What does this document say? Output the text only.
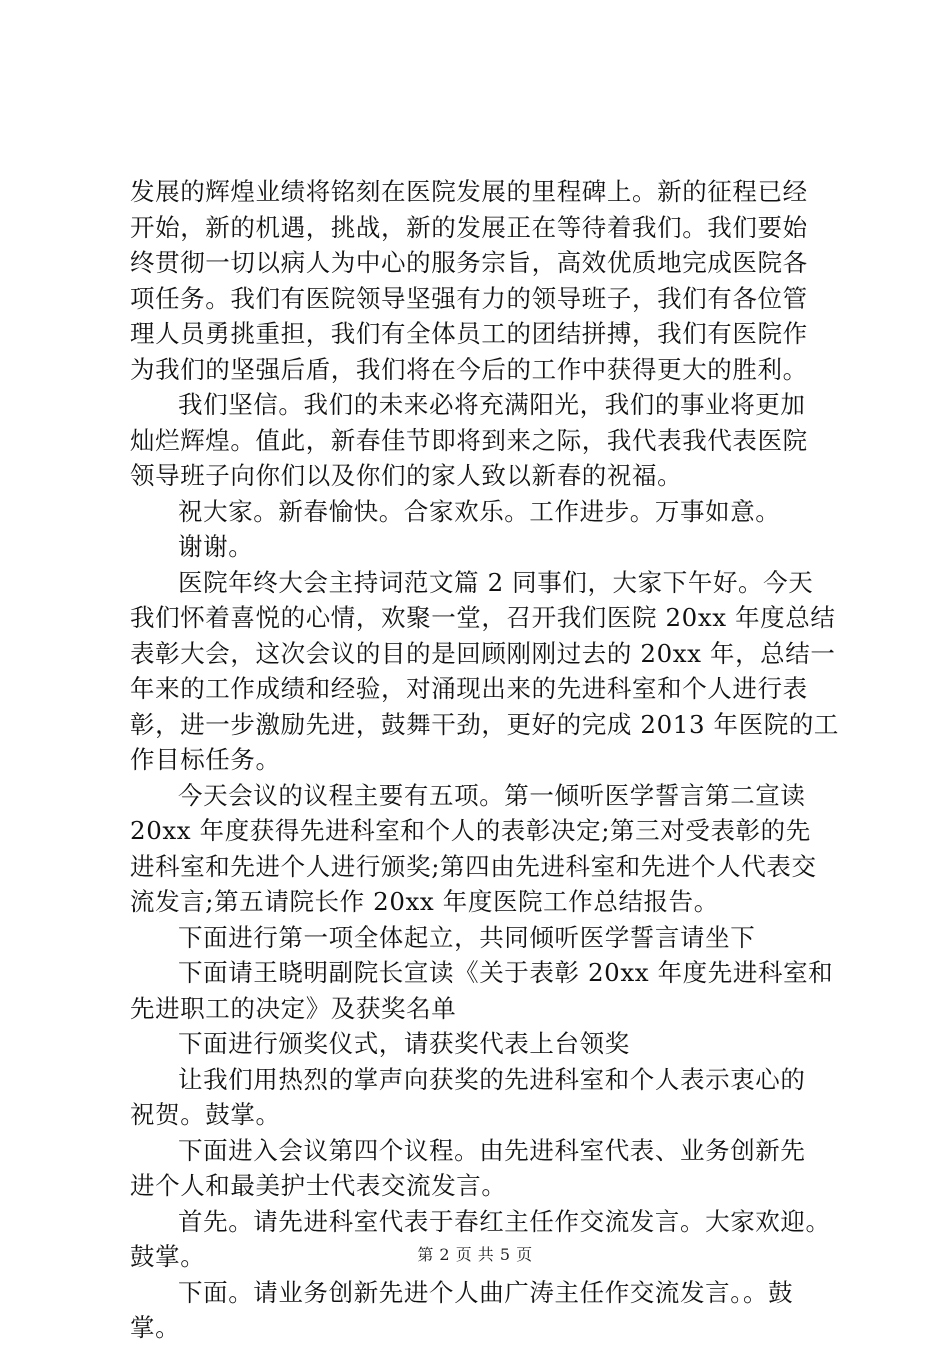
发展的辉煌业绩将铭刻在医院发展的里程碑上。新的征程已经
开始，新的机遇，挑战，新的发展正在等待着我们。我们要始
终贯彻一切以病人为中心的服务宗旨，高效优质地完成医院各
项任务。我们有医院领导坚强有力的领导班子，我们有各位管
理人员勇挑重担，我们有全体员工的团结拼搏，我们有医院作
为我们的坚强后盾，我们将在今后的工作中获得更大的胜利。
我们坚信。我们的未来必将充满阳光，我们的事业将更加
灿烂辉煌。值此，新春佳节即将到来之际，我代表我代表医院
领导班子向你们以及你们的家人致以新春的祝福。
祝大家。新春愉快。合家欢乐。工作进步。万事如意。
谢谢。
医院年终大会主持词范文篇 2 同事们，大家下午好。今天
我们怀着喜悦的心情，欢聚一堂，召开我们医院 20xx 年度总结
表彰大会，这次会议的目的是回顾刚刚过去的 20xx 年，总结一
年来的工作成绩和经验，对涌现出来的先进科室和个人进行表
彰，进一步激励先进，鼓舞干劲，更好的完成 2013 年医院的工
作目标任务。
今天会议的议程主要有五项。第一倾听医学誓言第二宣读
20xx 年度获得先进科室和个人的表彰决定;第三对受表彰的先
进科室和先进个人进行颁奖;第四由先进科室和先进个人代表交
流发言;第五请院长作 20xx 年度医院工作总结报告。
下面进行第一项全体起立，共同倾听医学誓言请坐下
下面请王晓明副院长宣读《关于表彰 20xx 年度先进科室和
先进职工的决定》及获奖名单
下面进行颁奖仪式，请获奖代表上台领奖
让我们用热烈的掌声向获奖的先进科室和个人表示衷心的
祝贺。鼓掌。
下面进入会议第四个议程。由先进科室代表、业务创新先
进个人和最美护士代表交流发言。
首先。请先进科室代表于春红主任作交流发言。大家欢迎。
鼓掌。
下面。请业务创新先进个人曲广涛主任作交流发言。。鼓
掌。
第 2 页 共 5 页
